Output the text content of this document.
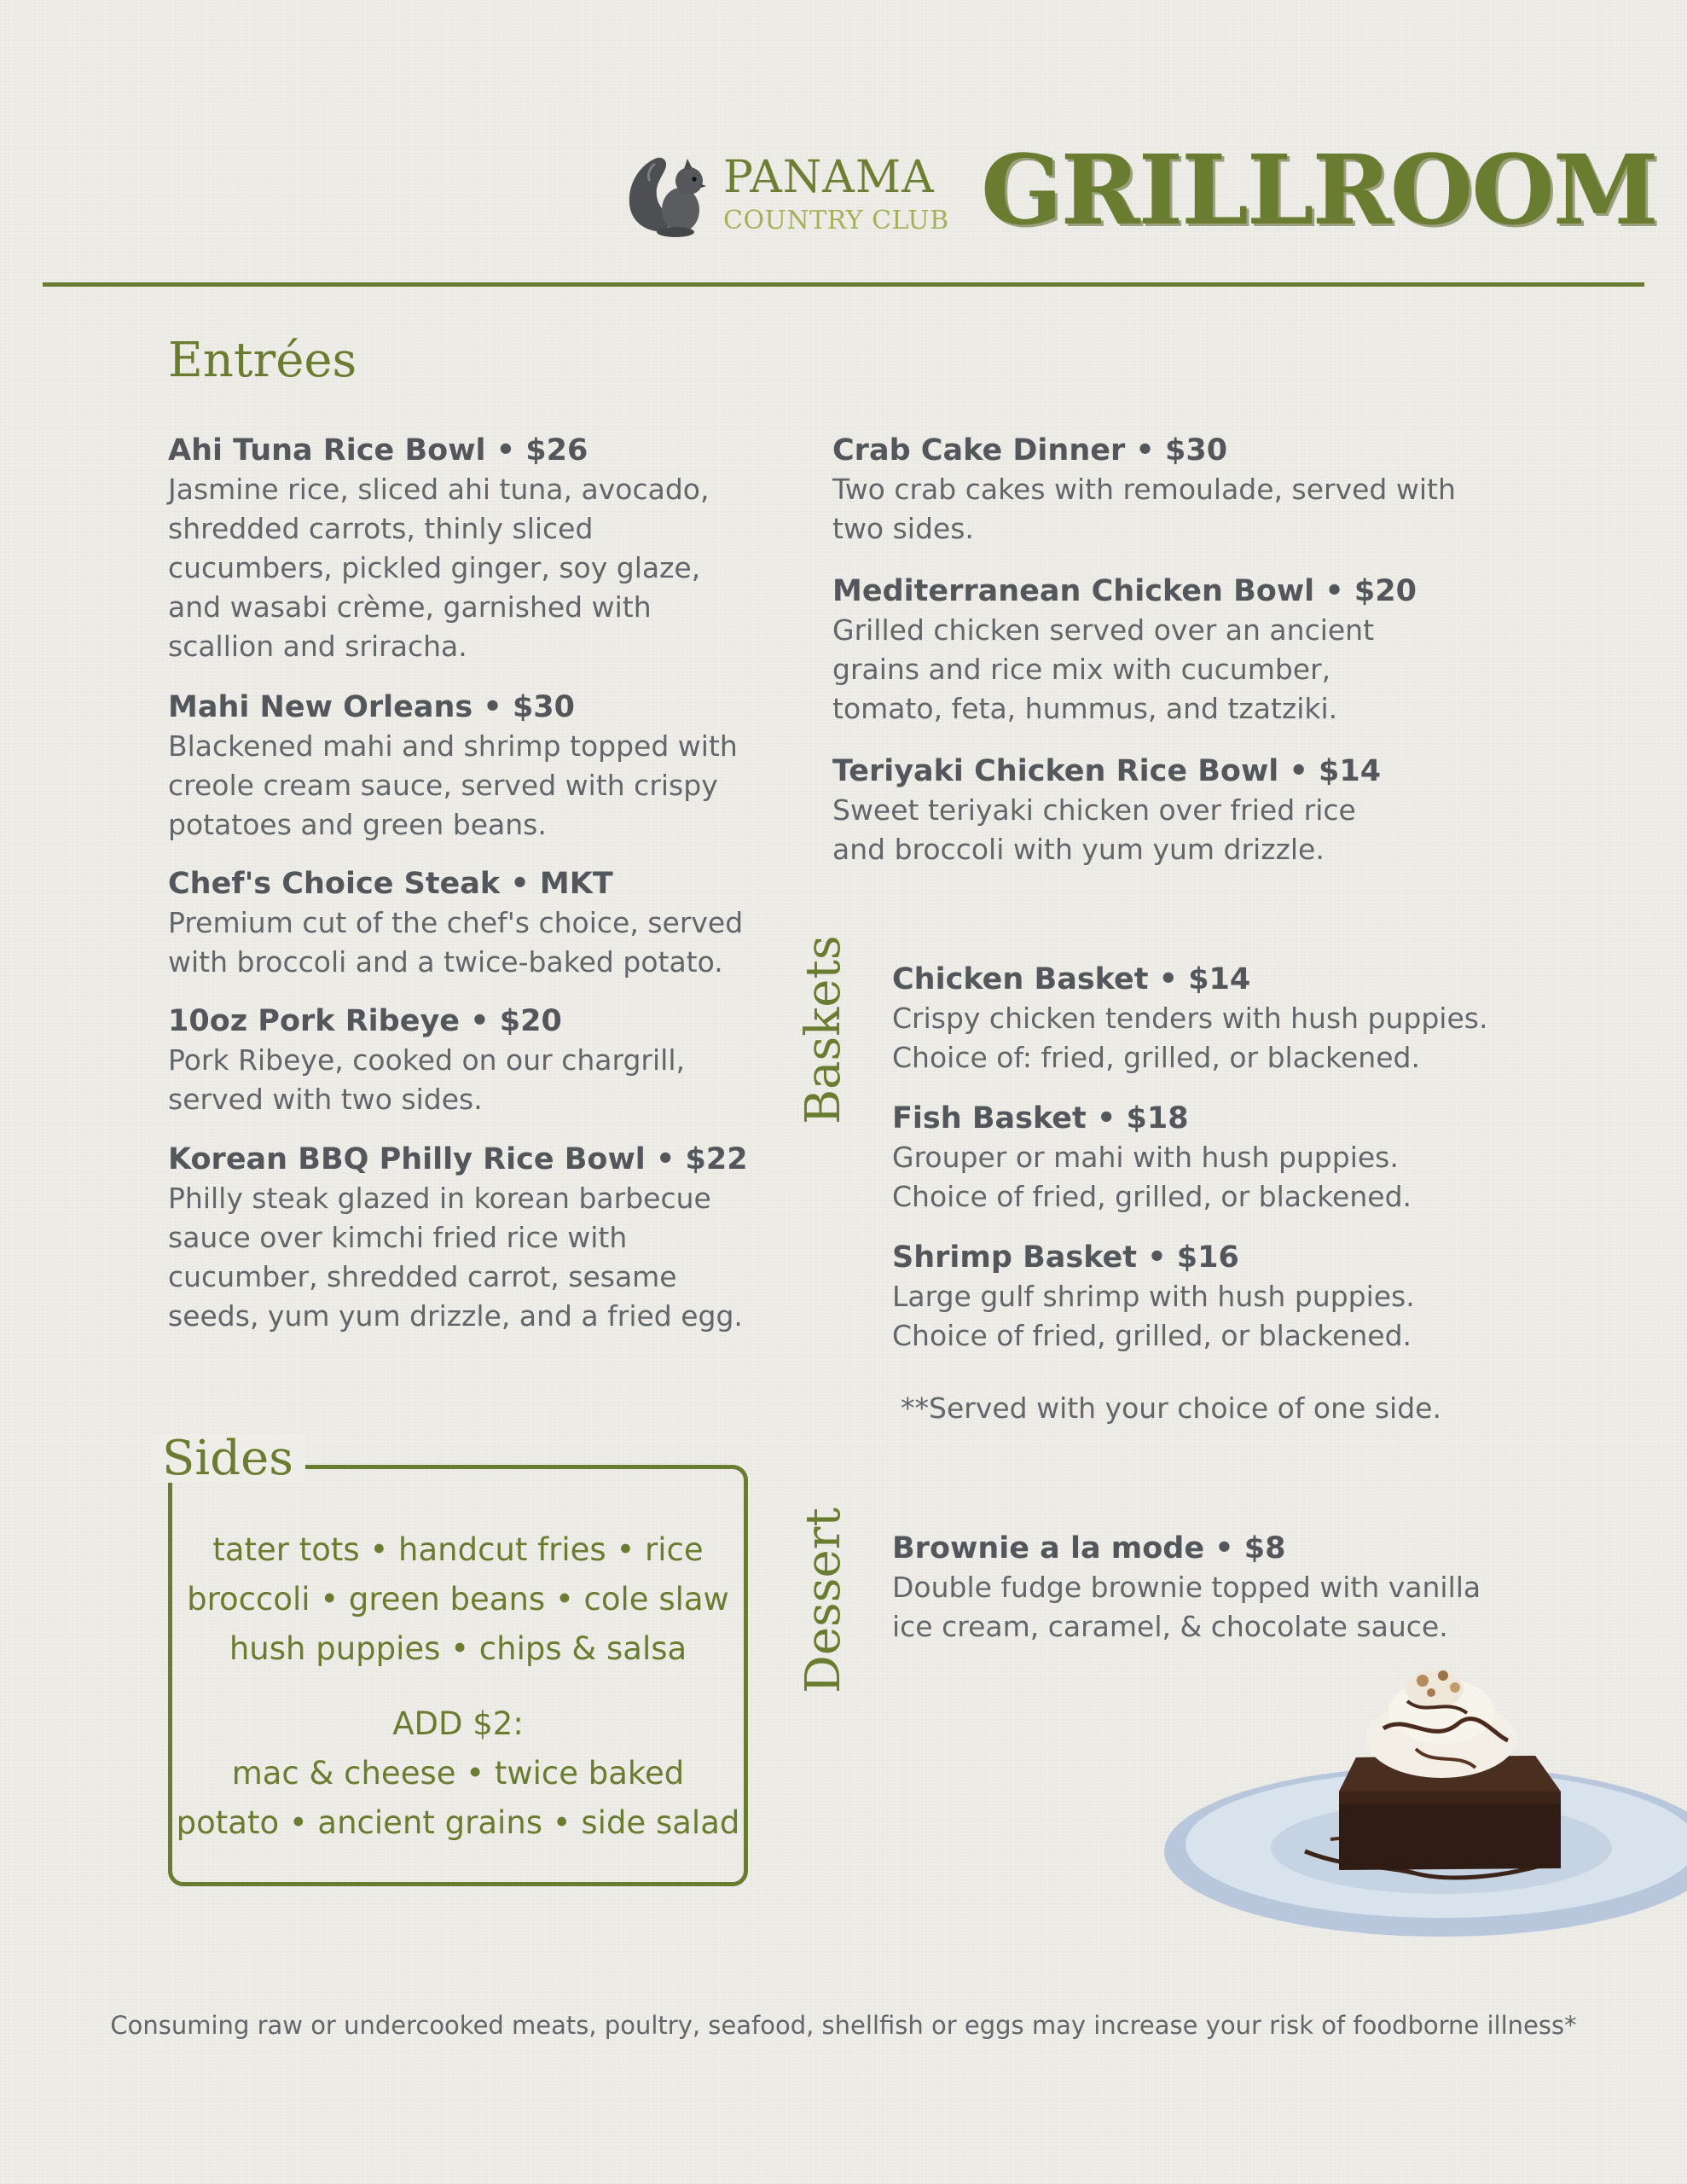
PANAMA
COUNTRY CLUB GRILLROOM
Entrées
Ahi Tuna Rice Bowl • $26
Jasmine rice, sliced ahi tuna, avocado,
shredded carrots, thinly sliced
cucumbers, pickled ginger, soy glaze,
and wasabi crème, garnished with
scallion and sriracha.
Mahi New Orleans • $30
Blackened mahi and shrimp topped with
creole cream sauce, served with crispy
potatoes and green beans.
Chef's Choice Steak • MKT
Premium cut of the chef's choice, served
with broccoli and a twice-baked potato.
10oz Pork Ribeye • $20
Pork Ribeye, cooked on our chargrill,
served with two sides.
Korean BBQ Philly Rice Bowl • $22
Philly steak glazed in korean barbecue
sauce over kimchi fried rice with
cucumber, shredded carrot, sesame
seeds, yum yum drizzle, and a fried egg.
Crab Cake Dinner • $30
Two crab cakes with remoulade, served with
two sides.
Mediterranean Chicken Bowl • $20
Grilled chicken served over an ancient
grains and rice mix with cucumber,
tomato, feta, hummus, and tzatziki.
Teriyaki Chicken Rice Bowl • $14
Sweet teriyaki chicken over fried rice
and broccoli with yum yum drizzle.
Baskets Chicken Basket • $14
Crispy chicken tenders with hush puppies.
Choice of: fried, grilled, or blackened.
Fish Basket • $18
Grouper or mahi with hush puppies.
Choice of fried, grilled, or blackened.
Shrimp Basket • $16
Large gulf shrimp with hush puppies.
Choice of fried, grilled, or blackened.
**Served with your choice of one side.
Sides
tater tots • handcut fries • rice
broccoli • green beans • cole slaw
hush puppies • chips & salsa
ADD $2:
mac & cheese • twice baked
potato • ancient grains • side salad
Dessert Brownie a la mode • $8
Double fudge brownie topped with vanilla
ice cream, caramel, & chocolate sauce.
Consuming raw or undercooked meats, poultry, seafood, shellfish or eggs may increase your risk of foodborne illness*
